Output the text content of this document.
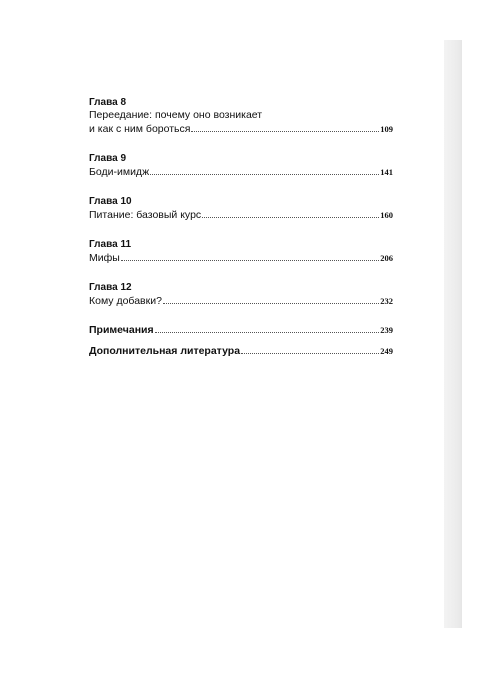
Глава 8
Переедание: почему оно возникает
и как с ним бороться	109
Глава 9
Боди-имидж	141
Глава 10
Питание: базовый курс	160
Глава 11
Мифы	206
Глава 12
Кому добавки?	232
Примечания	239
Дополнительная литература	249
